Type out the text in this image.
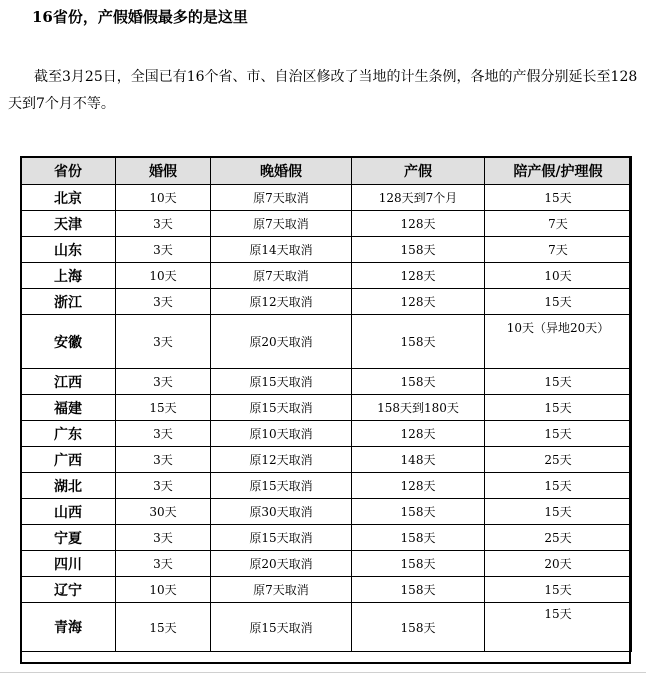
16省份，产假婚假最多的是这里
截至3月25日，全国已有16个省、市、自治区修改了当地的计生条例，各地的产假分别延长至128天到7个月不等。
省份	婚假	晚婚假	产假	陪产假/护理假
北京	10天	原7天取消	128天到7个月	15天
天津	3天	原7天取消	128天	7天
山东	3天	原14天取消	158天	7天
上海	10天	原7天取消	128天	10天
浙江	3天	原12天取消	128天	15天
安徽	3天	原20天取消	158天	10天（异地20天）
江西	3天	原15天取消	158天	15天
福建	15天	原15天取消	158天到180天	15天
广东	3天	原10天取消	128天	15天
广西	3天	原12天取消	148天	25天
湖北	3天	原15天取消	128天	15天
山西	30天	原30天取消	158天	15天
宁夏	3天	原15天取消	158天	25天
四川	3天	原20天取消	158天	20天
辽宁	10天	原7天取消	158天	15天
青海	15天	原15天取消	158天	15天
